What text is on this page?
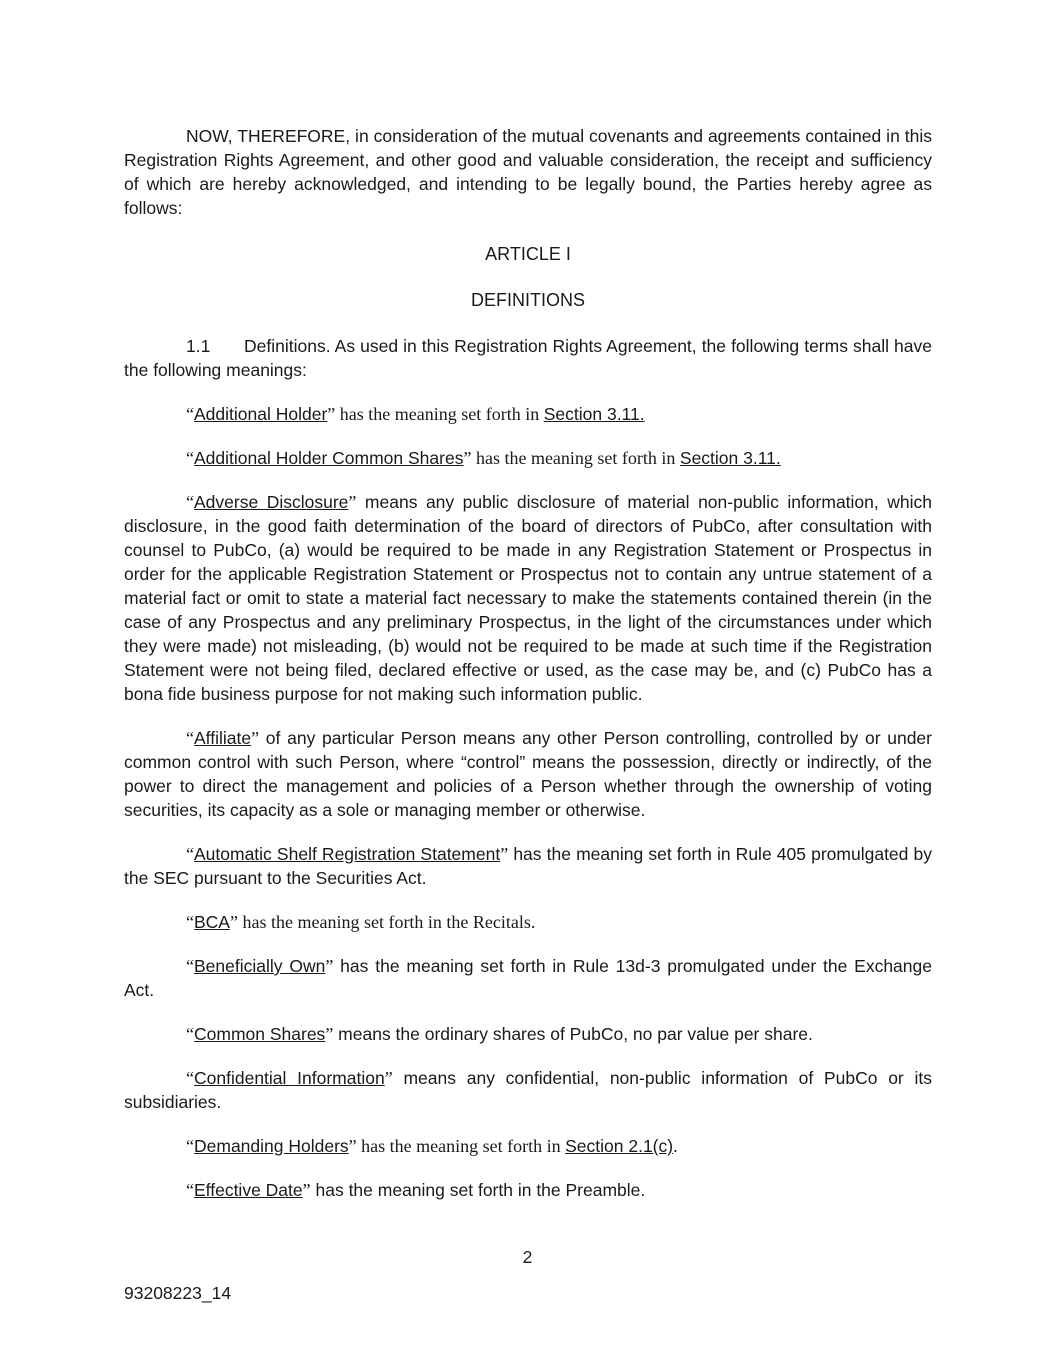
NOW, THEREFORE, in consideration of the mutual covenants and agreements contained in this Registration Rights Agreement, and other good and valuable consideration, the receipt and sufficiency of which are hereby acknowledged, and intending to be legally bound, the Parties hereby agree as follows:

ARTICLE I

DEFINITIONS

1.1 Definitions. As used in this Registration Rights Agreement, the following terms shall have the following meanings:

“Additional Holder” has the meaning set forth in Section 3.11.

“Additional Holder Common Shares” has the meaning set forth in Section 3.11.

“Adverse Disclosure” means any public disclosure of material non-public information, which disclosure, in the good faith determination of the board of directors of PubCo, after consultation with counsel to PubCo, (a) would be required to be made in any Registration Statement or Prospectus in order for the applicable Registration Statement or Prospectus not to contain any untrue statement of a material fact or omit to state a material fact necessary to make the statements contained therein (in the case of any Prospectus and any preliminary Prospectus, in the light of the circumstances under which they were made) not misleading, (b) would not be required to be made at such time if the Registration Statement were not being filed, declared effective or used, as the case may be, and (c) PubCo has a bona fide business purpose for not making such information public.

“Affiliate” of any particular Person means any other Person controlling, controlled by or under common control with such Person, where “control” means the possession, directly or indirectly, of the power to direct the management and policies of a Person whether through the ownership of voting securities, its capacity as a sole or managing member or otherwise.

“Automatic Shelf Registration Statement” has the meaning set forth in Rule 405 promulgated by the SEC pursuant to the Securities Act.

“BCA” has the meaning set forth in the Recitals.

“Beneficially Own” has the meaning set forth in Rule 13d-3 promulgated under the Exchange Act.

“Common Shares” means the ordinary shares of PubCo, no par value per share.

“Confidential Information” means any confidential, non-public information of PubCo or its subsidiaries.

“Demanding Holders” has the meaning set forth in Section 2.1(c).

“Effective Date” has the meaning set forth in the Preamble.

2
93208223_14
